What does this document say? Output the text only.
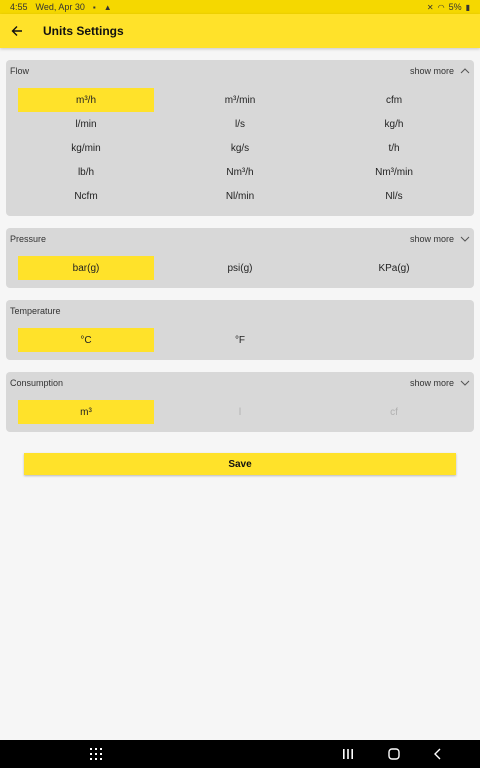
4:55 Wed, Apr 30 ▪ ▲	✕ ◠ 5% ▮
Units Settings
Flow	show more
m³/h	m³/min	cfm
l/min	l/s	kg/h
kg/min	kg/s	t/h
lb/h	Nm³/h	Nm³/min
Ncfm	Nl/min	Nl/s
Pressure	show more
bar(g)	psi(g)	KPa(g)
Temperature
°C	°F
Consumption	show more
m³	l	cf
Save
